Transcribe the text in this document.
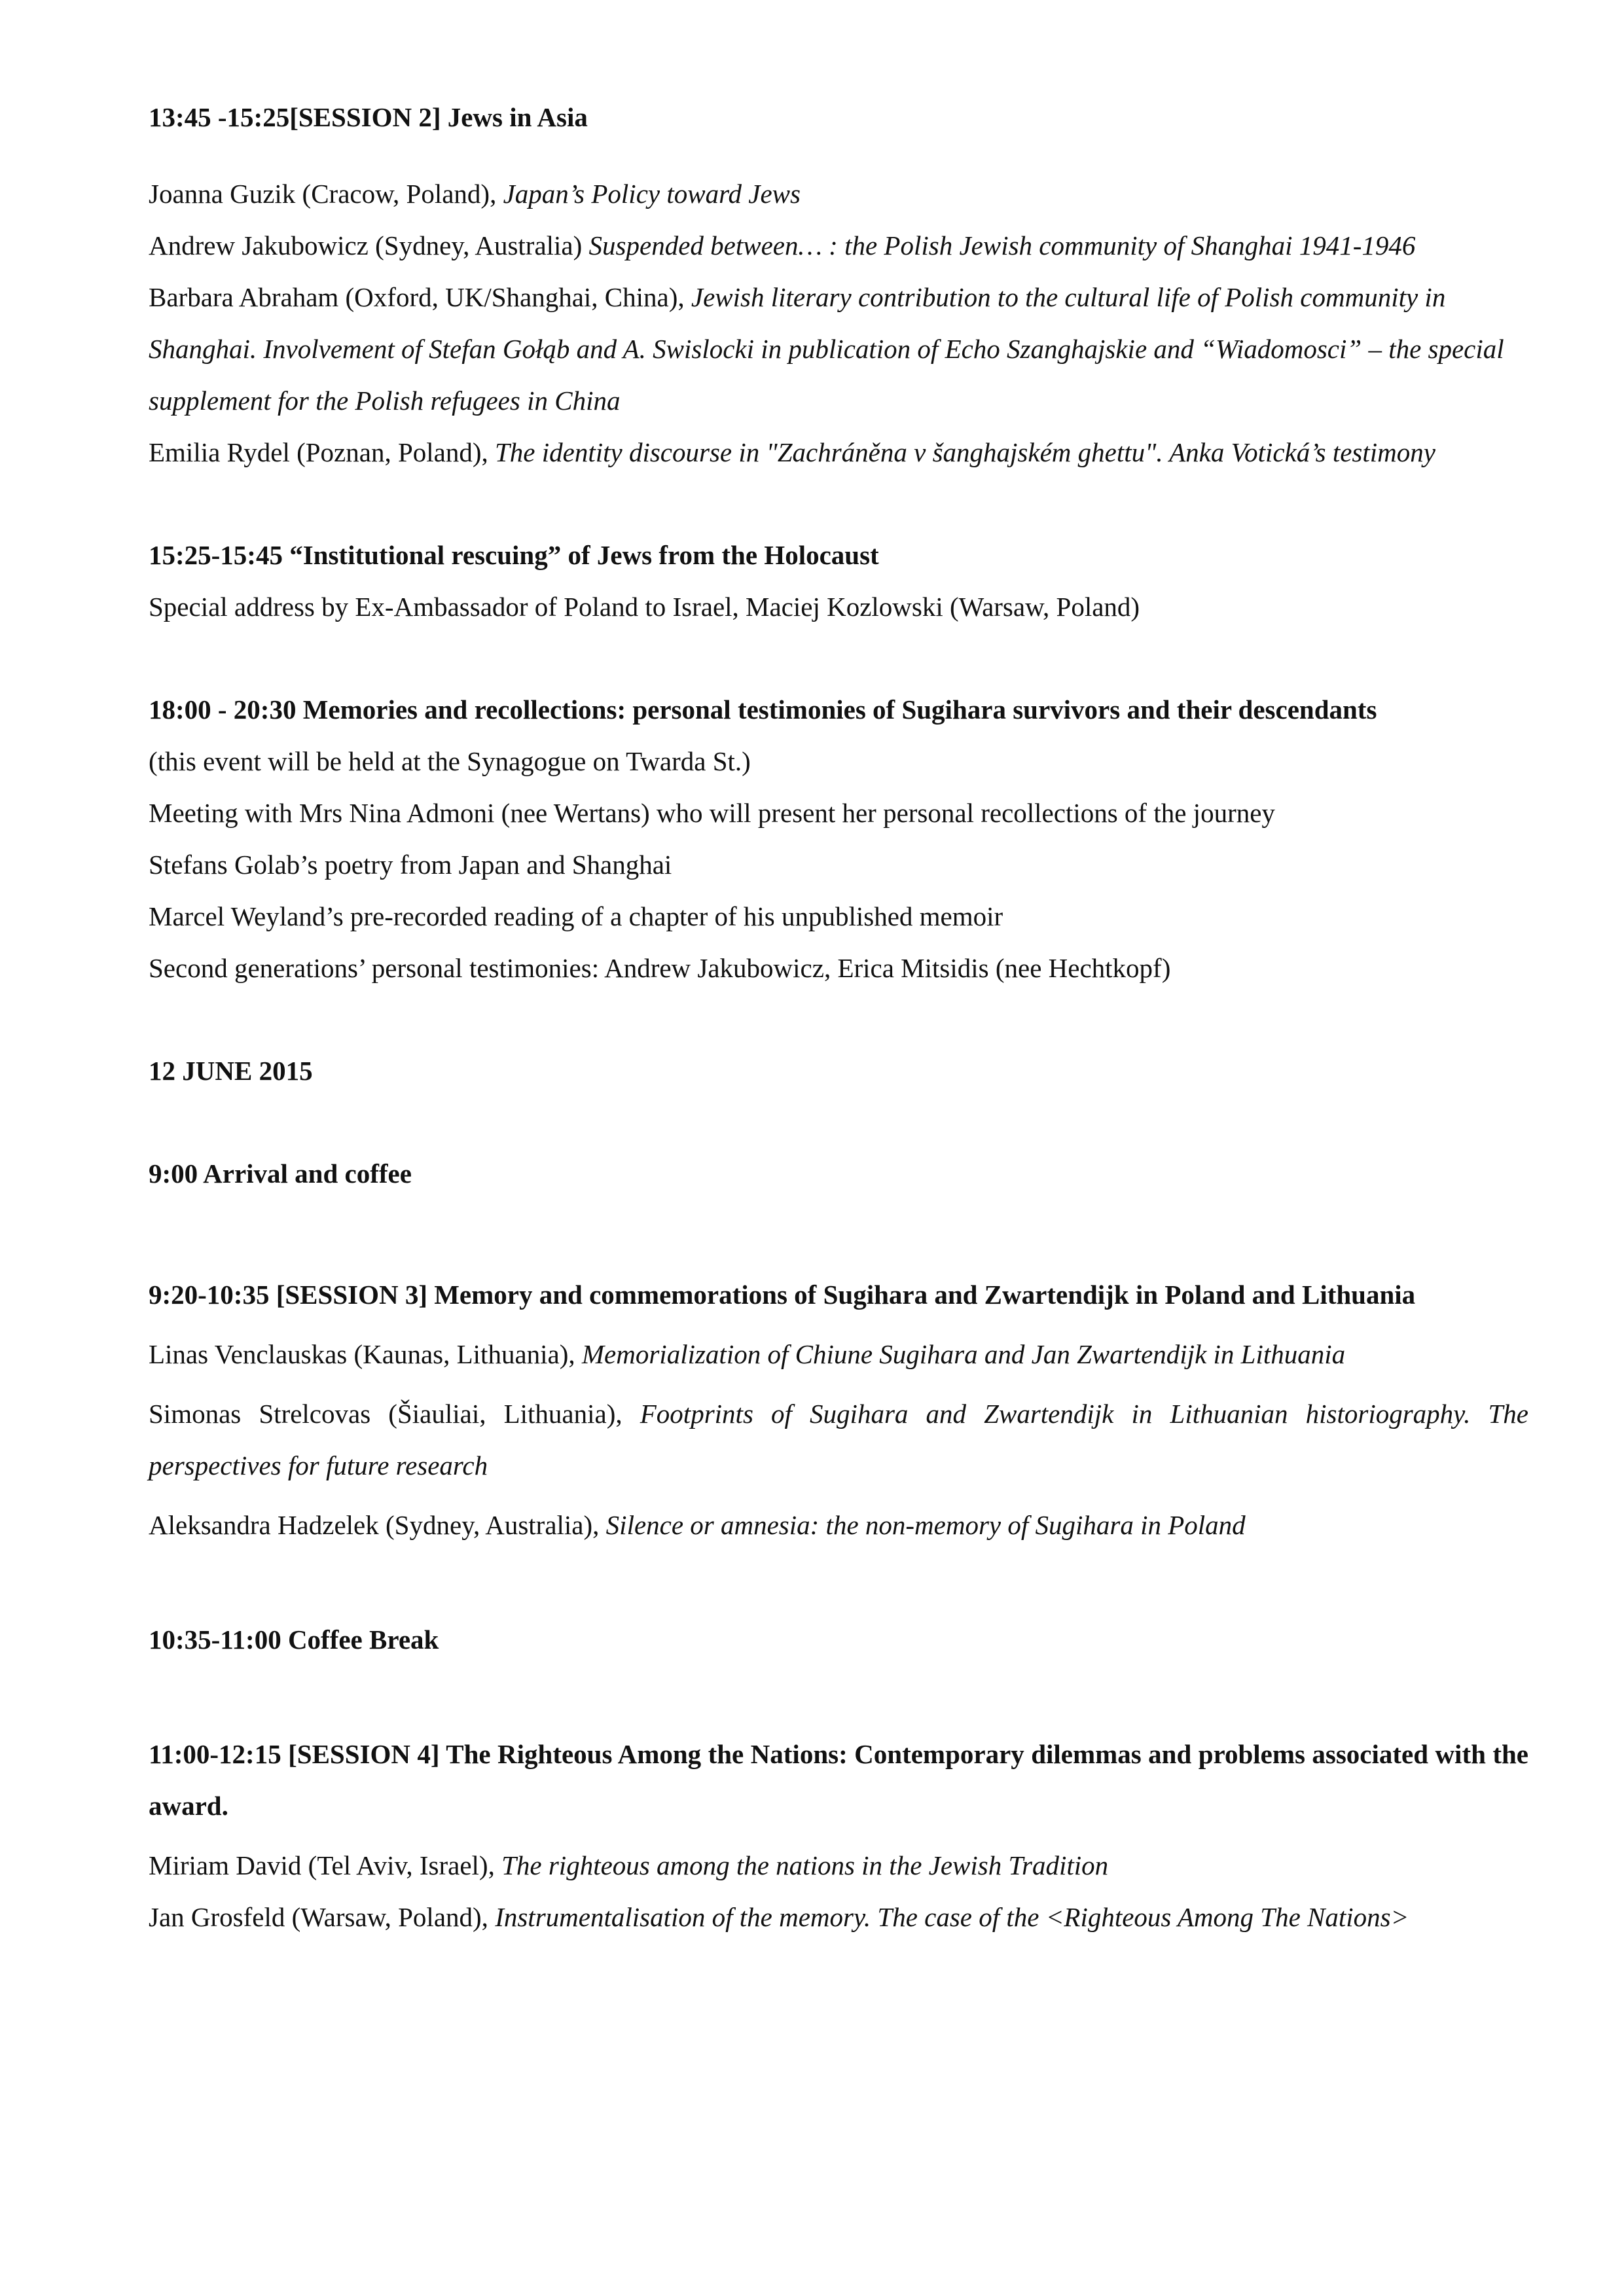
13:45 -15:25[SESSION 2] Jews in Asia

Joanna Guzik (Cracow, Poland), Japan’s Policy toward Jews

Andrew Jakubowicz (Sydney, Australia) Suspended between… : the Polish Jewish community of Shanghai 1941-1946

Barbara Abraham (Oxford, UK/Shanghai, China), Jewish literary contribution to the cultural life of Polish community in Shanghai. Involvement of Stefan Gołąb and A. Swislocki in publication of Echo Szanghajskie and “Wiadomosci” – the special supplement for the Polish refugees in China

Emilia Rydel (Poznan, Poland), The identity discourse in "Zachráněna v šanghajském ghettu". Anka Votická’s testimony

15:25-15:45 “Institutional rescuing” of Jews from the Holocaust

Special address by Ex-Ambassador of Poland to Israel, Maciej Kozlowski (Warsaw, Poland)

18:00 - 20:30 Memories and recollections: personal testimonies of Sugihara survivors and their descendants

(this event will be held at the Synagogue on Twarda St.)

Meeting with Mrs Nina Admoni (nee Wertans) who will present her personal recollections of the journey

Stefans Golab’s poetry from Japan and Shanghai

Marcel Weyland’s pre-recorded reading of a chapter of his unpublished memoir

Second generations’ personal testimonies: Andrew Jakubowicz, Erica Mitsidis (nee Hechtkopf)

12 JUNE 2015

9:00 Arrival and coffee

9:20-10:35 [SESSION 3] Memory and commemorations of Sugihara and Zwartendijk in Poland and Lithuania

Linas Venclauskas (Kaunas, Lithuania), Memorialization of Chiune Sugihara and Jan Zwartendijk in Lithuania

Simonas Strelcovas (Šiauliai, Lithuania), Footprints of Sugihara and Zwartendijk in Lithuanian historiography. The perspectives for future research

Aleksandra Hadzelek (Sydney, Australia), Silence or amnesia: the non-memory of Sugihara in Poland

10:35-11:00 Coffee Break

11:00-12:15 [SESSION 4] The Righteous Among the Nations: Contemporary dilemmas and problems associated with the award.

Miriam David (Tel Aviv, Israel), The righteous among the nations in the Jewish Tradition

Jan Grosfeld (Warsaw, Poland), Instrumentalisation of the memory. The case of the <Righteous Among The Nations>
